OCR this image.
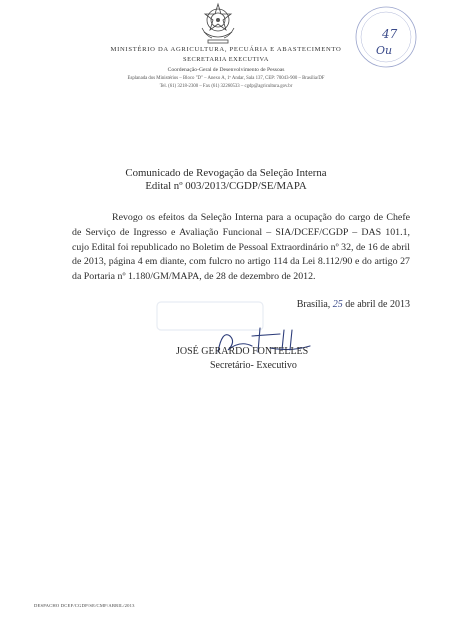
47
Ou
MINISTÉRIO DA AGRICULTURA, PECUÁRIA E ABASTECIMENTO
SECRETARIA EXECUTIVA
Coordenação-Geral de Desenvolvimento de Pessoas
Esplanada dos Ministérios – Bloco "D" – Anexo A, 1º Andar, Sala 137, CEP: 70043-900 – Brasília/DF
Tel. (61) 3218-2300 – Fax (61) 32260533 – cgdp@agricultura.gov.br
Comunicado de Revogação da Seleção Interna
Edital nº 003/2013/CGDP/SE/MAPA

Revogo os efeitos da Seleção Interna para a ocupação do cargo de Chefe de Serviço de Ingresso e Avaliação Funcional – SIA/DCEF/CGDP – DAS 101.1, cujo Edital foi republicado no Boletim de Pessoal Extraordinário nº 32, de 16 de abril de 2013, página 4 em diante, com fulcro no artigo 114 da Lei 8.112/90 e do artigo 27 da Portaria nº 1.180/GM/MAPA, de 28 de dezembro de 2012.

Brasília, 25 de abril de 2013
JOSÉ GERARDO FONTELLES
Secretário- Executivo
DESPACHO DCEF/CGDP/SE/CMF/ABRIL/2013
